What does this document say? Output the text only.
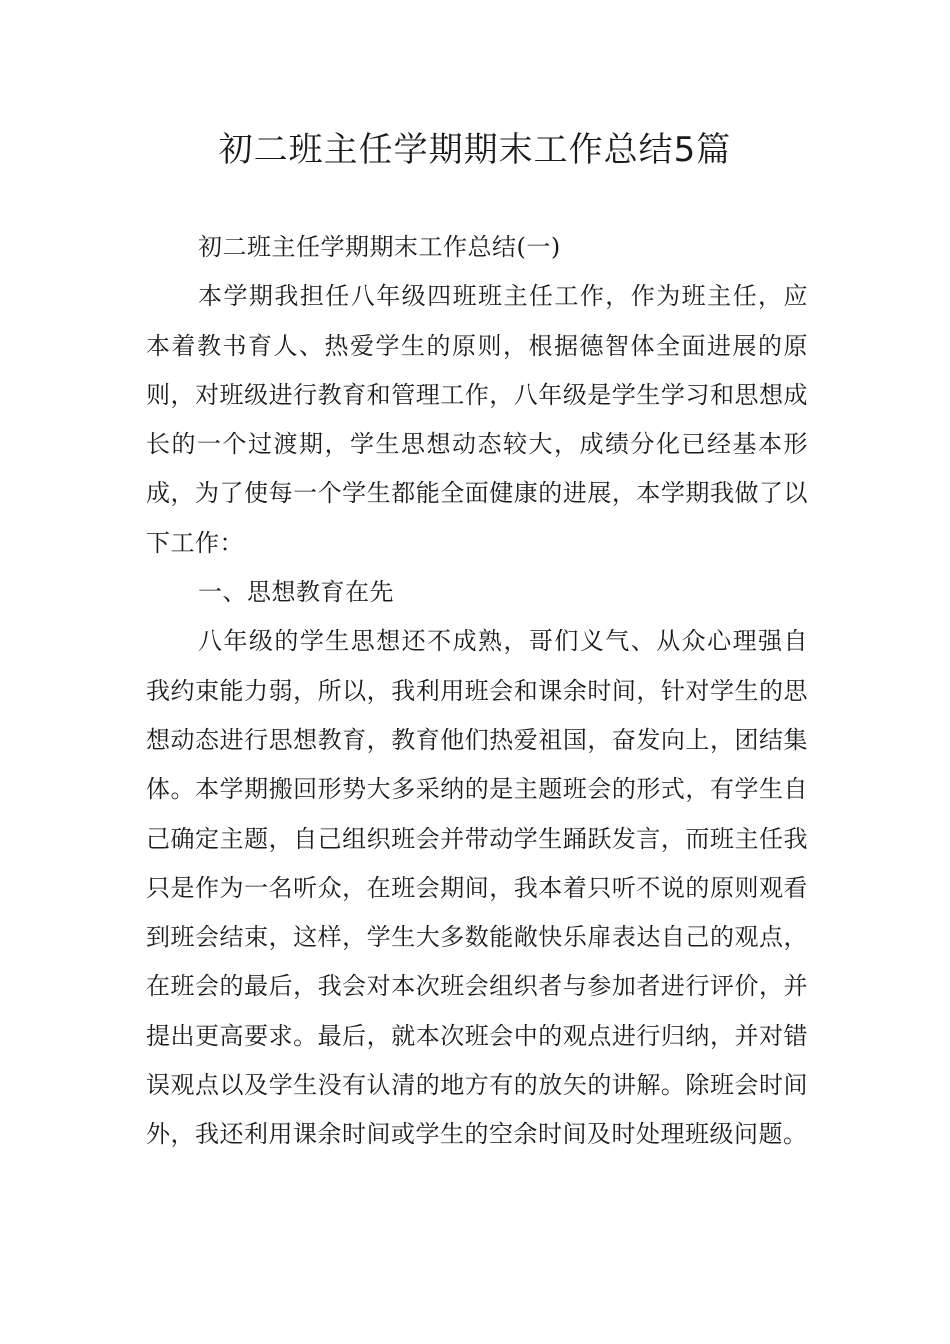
初二班主任学期期末工作总结5篇

初二班主任学期期末工作总结(一)

本学期我担任八年级四班班主任工作，作为班主任，应本着教书育人、热爱学生的原则，根据德智体全面进展的原则，对班级进行教育和管理工作，八年级是学生学习和思想成长的一个过渡期，学生思想动态较大，成绩分化已经基本形成，为了使每一个学生都能全面健康的进展，本学期我做了以下工作：

一、思想教育在先

八年级的学生思想还不成熟，哥们义气、从众心理强自我约束能力弱，所以，我利用班会和课余时间，针对学生的思想动态进行思想教育，教育他们热爱祖国，奋发向上，团结集体。本学期搬回形势大多采纳的是主题班会的形式，有学生自己确定主题，自己组织班会并带动学生踊跃发言，而班主任我只是作为一名听众，在班会期间，我本着只听不说的原则观看到班会结束，这样，学生大多数能敞快乐扉表达自己的观点，在班会的最后，我会对本次班会组织者与参加者进行评价，并提出更高要求。最后，就本次班会中的观点进行归纳，并对错误观点以及学生没有认清的地方有的放矢的讲解。除班会时间外，我还利用课余时间或学生的空余时间及时处理班级问题。
